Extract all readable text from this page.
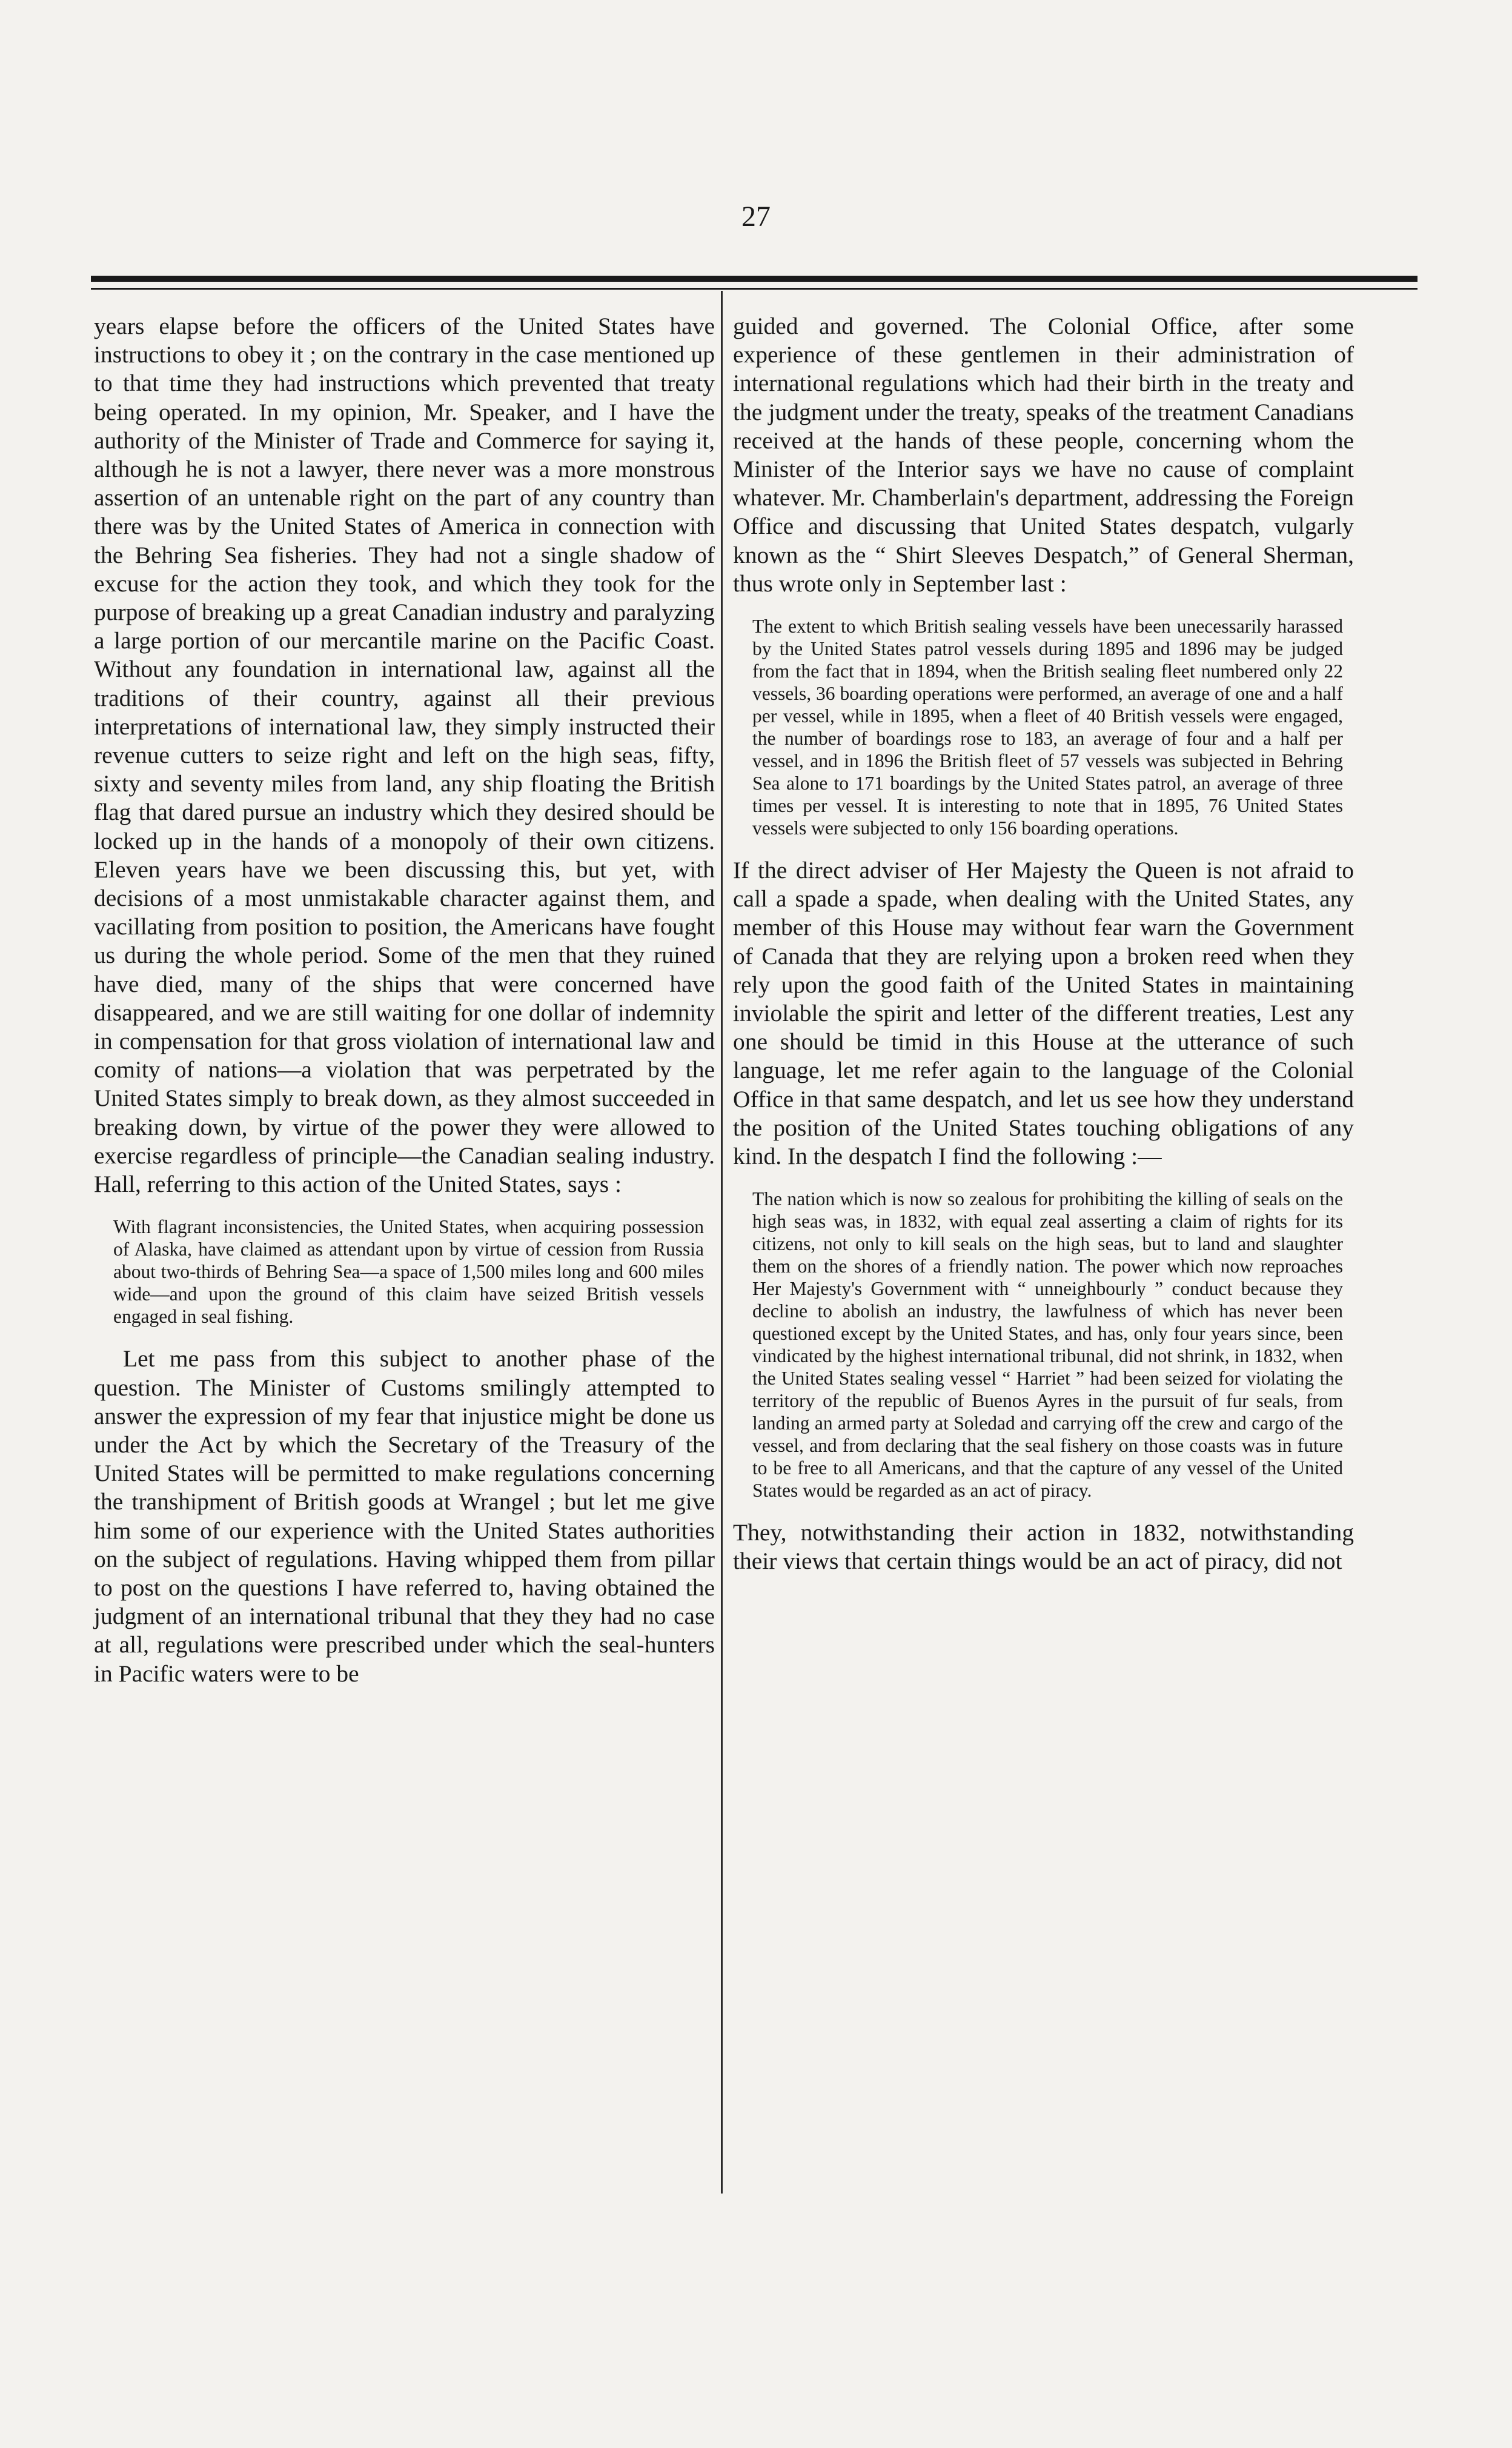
27

years elapse before the officers of the United States have instructions to obey it ; on the contrary in the case mentioned up to that time they had instructions which prevented that treaty being operated. In my opinion, Mr. Speaker, and I have the authority of the Minister of Trade and Commerce for saying it, although he is not a lawyer, there never was a more monstrous assertion of an untenable right on the part of any country than there was by the United States of America in connection with the Behring Sea fisheries. They had not a single shadow of excuse for the action they took, and which they took for the purpose of breaking up a great Canadian industry and paralyzing a large portion of our mercantile marine on the Pacific Coast. Without any foundation in international law, against all the traditions of their country, against all their previous interpretations of international law, they simply instructed their revenue cutters to seize right and left on the high seas, fifty, sixty and seventy miles from land, any ship floating the British flag that dared pursue an industry which they desired should be locked up in the hands of a monopoly of their own citizens. Eleven years have we been discussing this, but yet, with decisions of a most unmistakable character against them, and vacillating from position to position, the Americans have fought us during the whole period. Some of the men that they ruined have died, many of the ships that were concerned have disappeared, and we are still waiting for one dollar of indemnity in compensation for that gross violation of international law and comity of nations—a violation that was perpetrated by the United States simply to break down, as they almost succeeded in breaking down, by virtue of the power they were allowed to exercise regardless of principle—the Canadian sealing industry. Hall, referring to this action of the United States, says :

With flagrant inconsistencies, the United States, when acquiring possession of Alaska, have claimed as attendant upon by virtue of cession from Russia about two-thirds of Behring Sea—a space of 1,500 miles long and 600 miles wide—and upon the ground of this claim have seized British vessels engaged in seal fishing.

Let me pass from this subject to another phase of the question. The Minister of Customs smilingly attempted to answer the expression of my fear that injustice might be done us under the Act by which the Secretary of the Treasury of the United States will be permitted to make regulations concerning the transhipment of British goods at Wrangel ; but let me give him some of our experience with the United States authorities on the subject of regulations. Having whipped them from pillar to post on the questions I have referred to, having obtained the judgment of an international tribunal that they they had no case at all, regulations were prescribed under which the seal-hunters in Pacific waters were to be

guided and governed. The Colonial Office, after some experience of these gentlemen in their administration of international regulations which had their birth in the treaty and the judgment under the treaty, speaks of the treatment Canadians received at the hands of these people, concerning whom the Minister of the Interior says we have no cause of complaint whatever. Mr. Chamberlain's department, addressing the Foreign Office and discussing that United States despatch, vulgarly known as the “ Shirt Sleeves Despatch,” of General Sherman, thus wrote only in September last :

The extent to which British sealing vessels have been unecessarily harassed by the United States patrol vessels during 1895 and 1896 may be judged from the fact that in 1894, when the British sealing fleet numbered only 22 vessels, 36 boarding operations were performed, an average of one and a half per vessel, while in 1895, when a fleet of 40 British vessels were engaged, the number of boardings rose to 183, an average of four and a half per vessel, and in 1896 the British fleet of 57 vessels was subjected in Behring Sea alone to 171 boardings by the United States patrol, an average of three times per vessel. It is interesting to note that in 1895, 76 United States vessels were subjected to only 156 boarding operations.

If the direct adviser of Her Majesty the Queen is not afraid to call a spade a spade, when dealing with the United States, any member of this House may without fear warn the Government of Canada that they are relying upon a broken reed when they rely upon the good faith of the United States in maintaining inviolable the spirit and letter of the different treaties, Lest any one should be timid in this House at the utterance of such language, let me refer again to the language of the Colonial Office in that same despatch, and let us see how they understand the position of the United States touching obligations of any kind. In the despatch I find the following :—

The nation which is now so zealous for prohibiting the killing of seals on the high seas was, in 1832, with equal zeal asserting a claim of rights for its citizens, not only to kill seals on the high seas, but to land and slaughter them on the shores of a friendly nation. The power which now reproaches Her Majesty's Government with “ unneighbourly ” conduct because they decline to abolish an industry, the lawfulness of which has never been questioned except by the United States, and has, only four years since, been vindicated by the highest international tribunal, did not shrink, in 1832, when the United States sealing vessel “ Harriet ” had been seized for violating the territory of the republic of Buenos Ayres in the pursuit of fur seals, from landing an armed party at Soledad and carrying off the crew and cargo of the vessel, and from declaring that the seal fishery on those coasts was in future to be free to all Americans, and that the capture of any vessel of the United States would be regarded as an act of piracy.

They, notwithstanding their action in 1832, notwithstanding their views that certain things would be an act of piracy, did not
